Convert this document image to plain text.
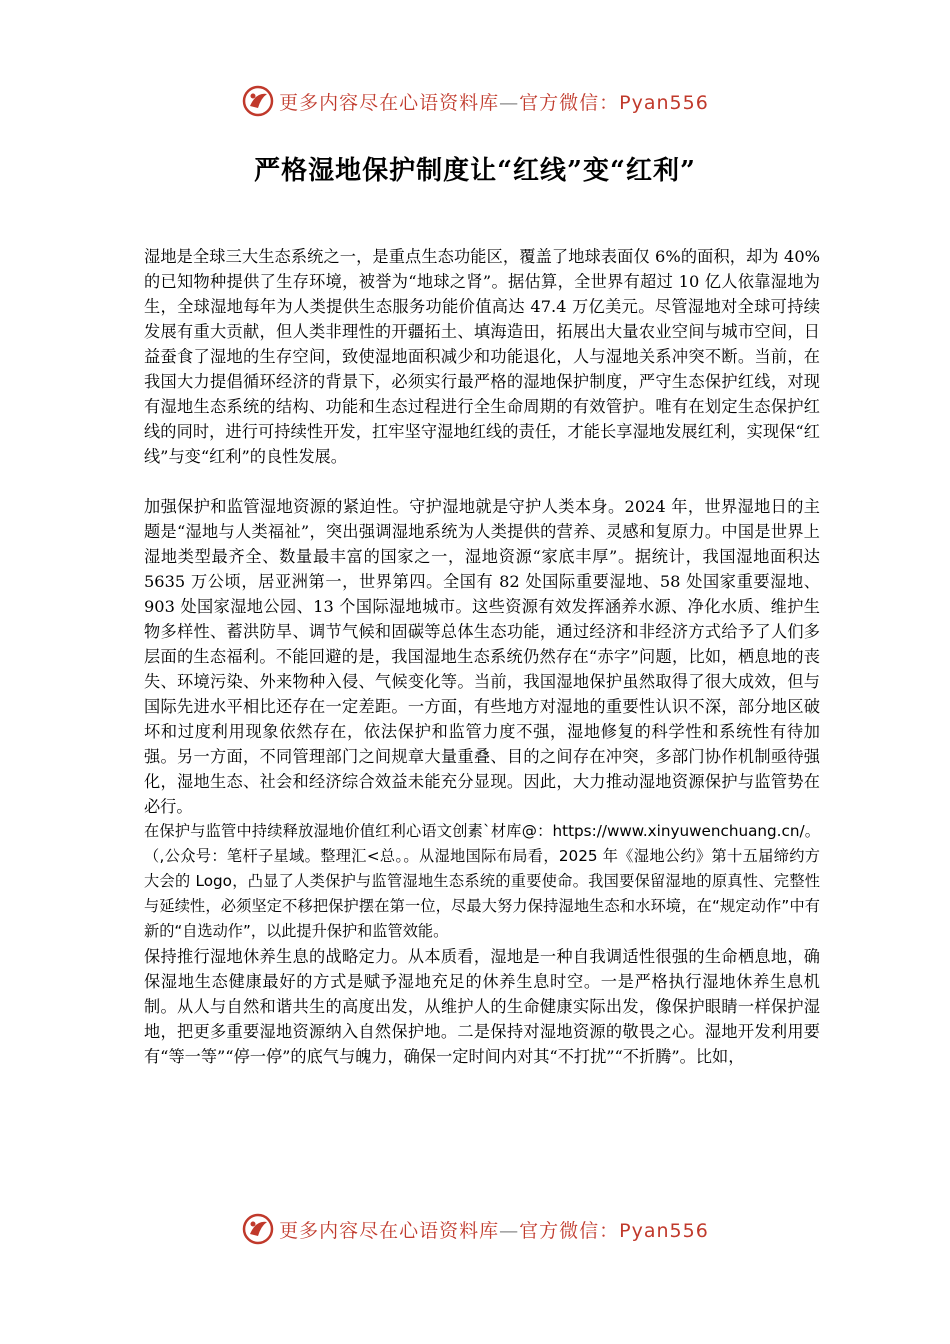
更多内容尽在心语资料库—官方微信：Pyan556
严格湿地保护制度让“红线”变“红利”

湿地是全球三大生态系统之一，是重点生态功能区，覆盖了地球表面仅 6%的面积，却为 40%的已知物种提供了生存环境，被誉为“地球之肾”。据估算，全世界有超过 10 亿人依靠湿地为生，全球湿地每年为人类提供生态服务功能价值高达 47.4 万亿美元。尽管湿地对全球可持续发展有重大贡献，但人类非理性的开疆拓土、填海造田，拓展出大量农业空间与城市空间，日益蚕食了湿地的生存空间，致使湿地面积减少和功能退化，人与湿地关系冲突不断。当前，在我国大力提倡循环经济的背景下，必须实行最严格的湿地保护制度，严守生态保护红线，对现有湿地生态系统的结构、功能和生态过程进行全生命周期的有效管护。唯有在划定生态保护红线的同时，进行可持续性开发，扛牢坚守湿地红线的责任，才能长享湿地发展红利，实现保“红线”与变“红利”的良性发展。

加强保护和监管湿地资源的紧迫性。守护湿地就是守护人类本身。2024 年，世界湿地日的主题是“湿地与人类福祉”，突出强调湿地系统为人类提供的营养、灵感和复原力。中国是世界上湿地类型最齐全、数量最丰富的国家之一，湿地资源“家底丰厚”。据统计，我国湿地面积达 5635 万公顷，居亚洲第一，世界第四。全国有 82 处国际重要湿地、58 处国家重要湿地、903 处国家湿地公园、13 个国际湿地城市。这些资源有效发挥涵养水源、净化水质、维护生物多样性、蓄洪防旱、调节气候和固碳等总体生态功能，通过经济和非经济方式给予了人们多层面的生态福利。不能回避的是，我国湿地生态系统仍然存在“赤字”问题，比如，栖息地的丧失、环境污染、外来物种入侵、气候变化等。当前，我国湿地保护虽然取得了很大成效，但与国际先进水平相比还存在一定差距。一方面，有些地方对湿地的重要性认识不深，部分地区破坏和过度利用现象依然存在，依法保护和监管力度不强，湿地修复的科学性和系统性有待加强。另一方面，不同管理部门之间规章大量重叠、目的之间存在冲突，多部门协作机制亟待强化，湿地生态、社会和经济综合效益未能充分显现。因此，大力推动湿地资源保护与监管势在必行。

在保护与监管中持续释放湿地价值红利心语文创素`材库@：https://www.xinyuwenchuang.cn/。（,公众号：笔杆子星域。整理汇<总。。从湿地国际布局看，2025 年《湿地公约》第十五届缔约方大会的 Logo，凸显了人类保护与监管湿地生态系统的重要使命。我国要保留湿地的原真性、完整性与延续性，必须坚定不移把保护摆在第一位，尽最大努力保持湿地生态和水环境，在“规定动作”中有新的“自选动作”，以此提升保护和监管效能。

保持推行湿地休养生息的战略定力。从本质看，湿地是一种自我调适性很强的生命栖息地，确保湿地生态健康最好的方式是赋予湿地充足的休养生息时空。一是严格执行湿地休养生息机制。从人与自然和谐共生的高度出发，从维护人的生命健康实际出发，像保护眼睛一样保护湿地，把更多重要湿地资源纳入自然保护地。二是保持对湿地资源的敬畏之心。湿地开发利用要有“等一等”“停一停”的底气与魄力，确保一定时间内对其“不打扰”“不折腾”。比如，

更多内容尽在心语资料库—官方微信：Pyan556
